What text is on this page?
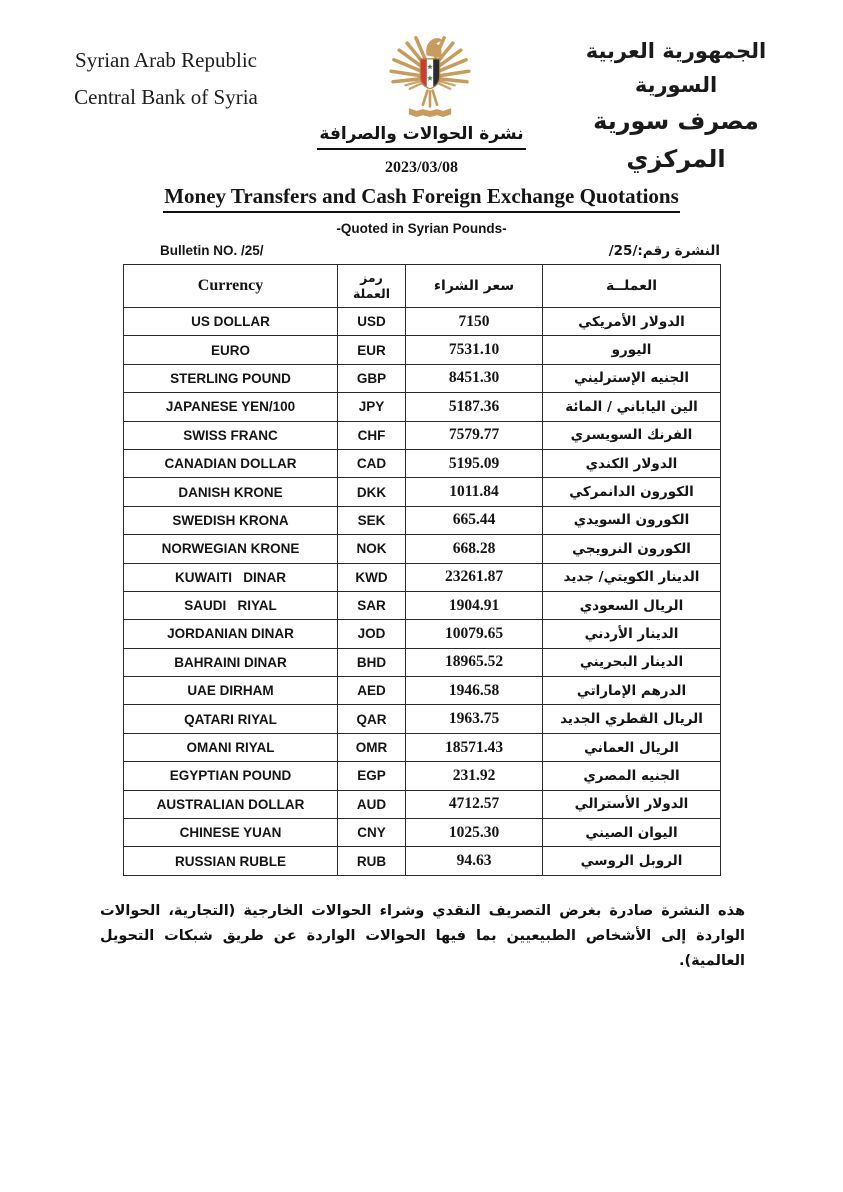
Syrian Arab Republic
Central Bank of Syria
الجمهورية العربية السورية
مصرف سورية المركزي
نشرة الحوالات والصرافة
2023/03/08
Money Transfers and Cash Foreign Exchange Quotations
-Quoted in Syrian Pounds-
Bulletin NO. /25/	النشرة رقم:/25/
Currency	رمز العملة	سعر الشراء	العملــة
US DOLLAR	USD	7150	الدولار الأمريكي
EURO	EUR	7531.10	اليورو
STERLING POUND	GBP	8451.30	الجنيه الإسترليني
JAPANESE YEN/100	JPY	5187.36	الين الياباني / المائة
SWISS FRANC	CHF	7579.77	الفرنك السويسري
CANADIAN DOLLAR	CAD	5195.09	الدولار الكندي
DANISH KRONE	DKK	1011.84	الكورون الدانمركي
SWEDISH KRONA	SEK	665.44	الكورون السويدي
NORWEGIAN KRONE	NOK	668.28	الكورون النرويجي
KUWAITI   DINAR	KWD	23261.87	الدينار الكويتي/ جديد
SAUDI   RIYAL	SAR	1904.91	الريال السعودي
JORDANIAN DINAR	JOD	10079.65	الدينار الأردني
BAHRAINI DINAR	BHD	18965.52	الدينار البحريني
UAE DIRHAM	AED	1946.58	الدرهم الإماراتي
QATARI RIYAL	QAR	1963.75	الريال القطري الجديد
OMANI RIYAL	OMR	18571.43	الريال العماني
EGYPTIAN POUND	EGP	231.92	الجنيه المصري
AUSTRALIAN DOLLAR	AUD	4712.57	الدولار الأسترالي
CHINESE YUAN	CNY	1025.30	اليوان الصيني
RUSSIAN RUBLE	RUB	94.63	الروبل الروسي

هذه النشرة صادرة بغرض التصريف النقدي وشراء الحوالات الخارجية (التجارية، الحوالات الواردة إلى الأشخاص الطبيعيين بما فيها الحوالات الواردة عن طريق شبكات التحويل العالمية).
